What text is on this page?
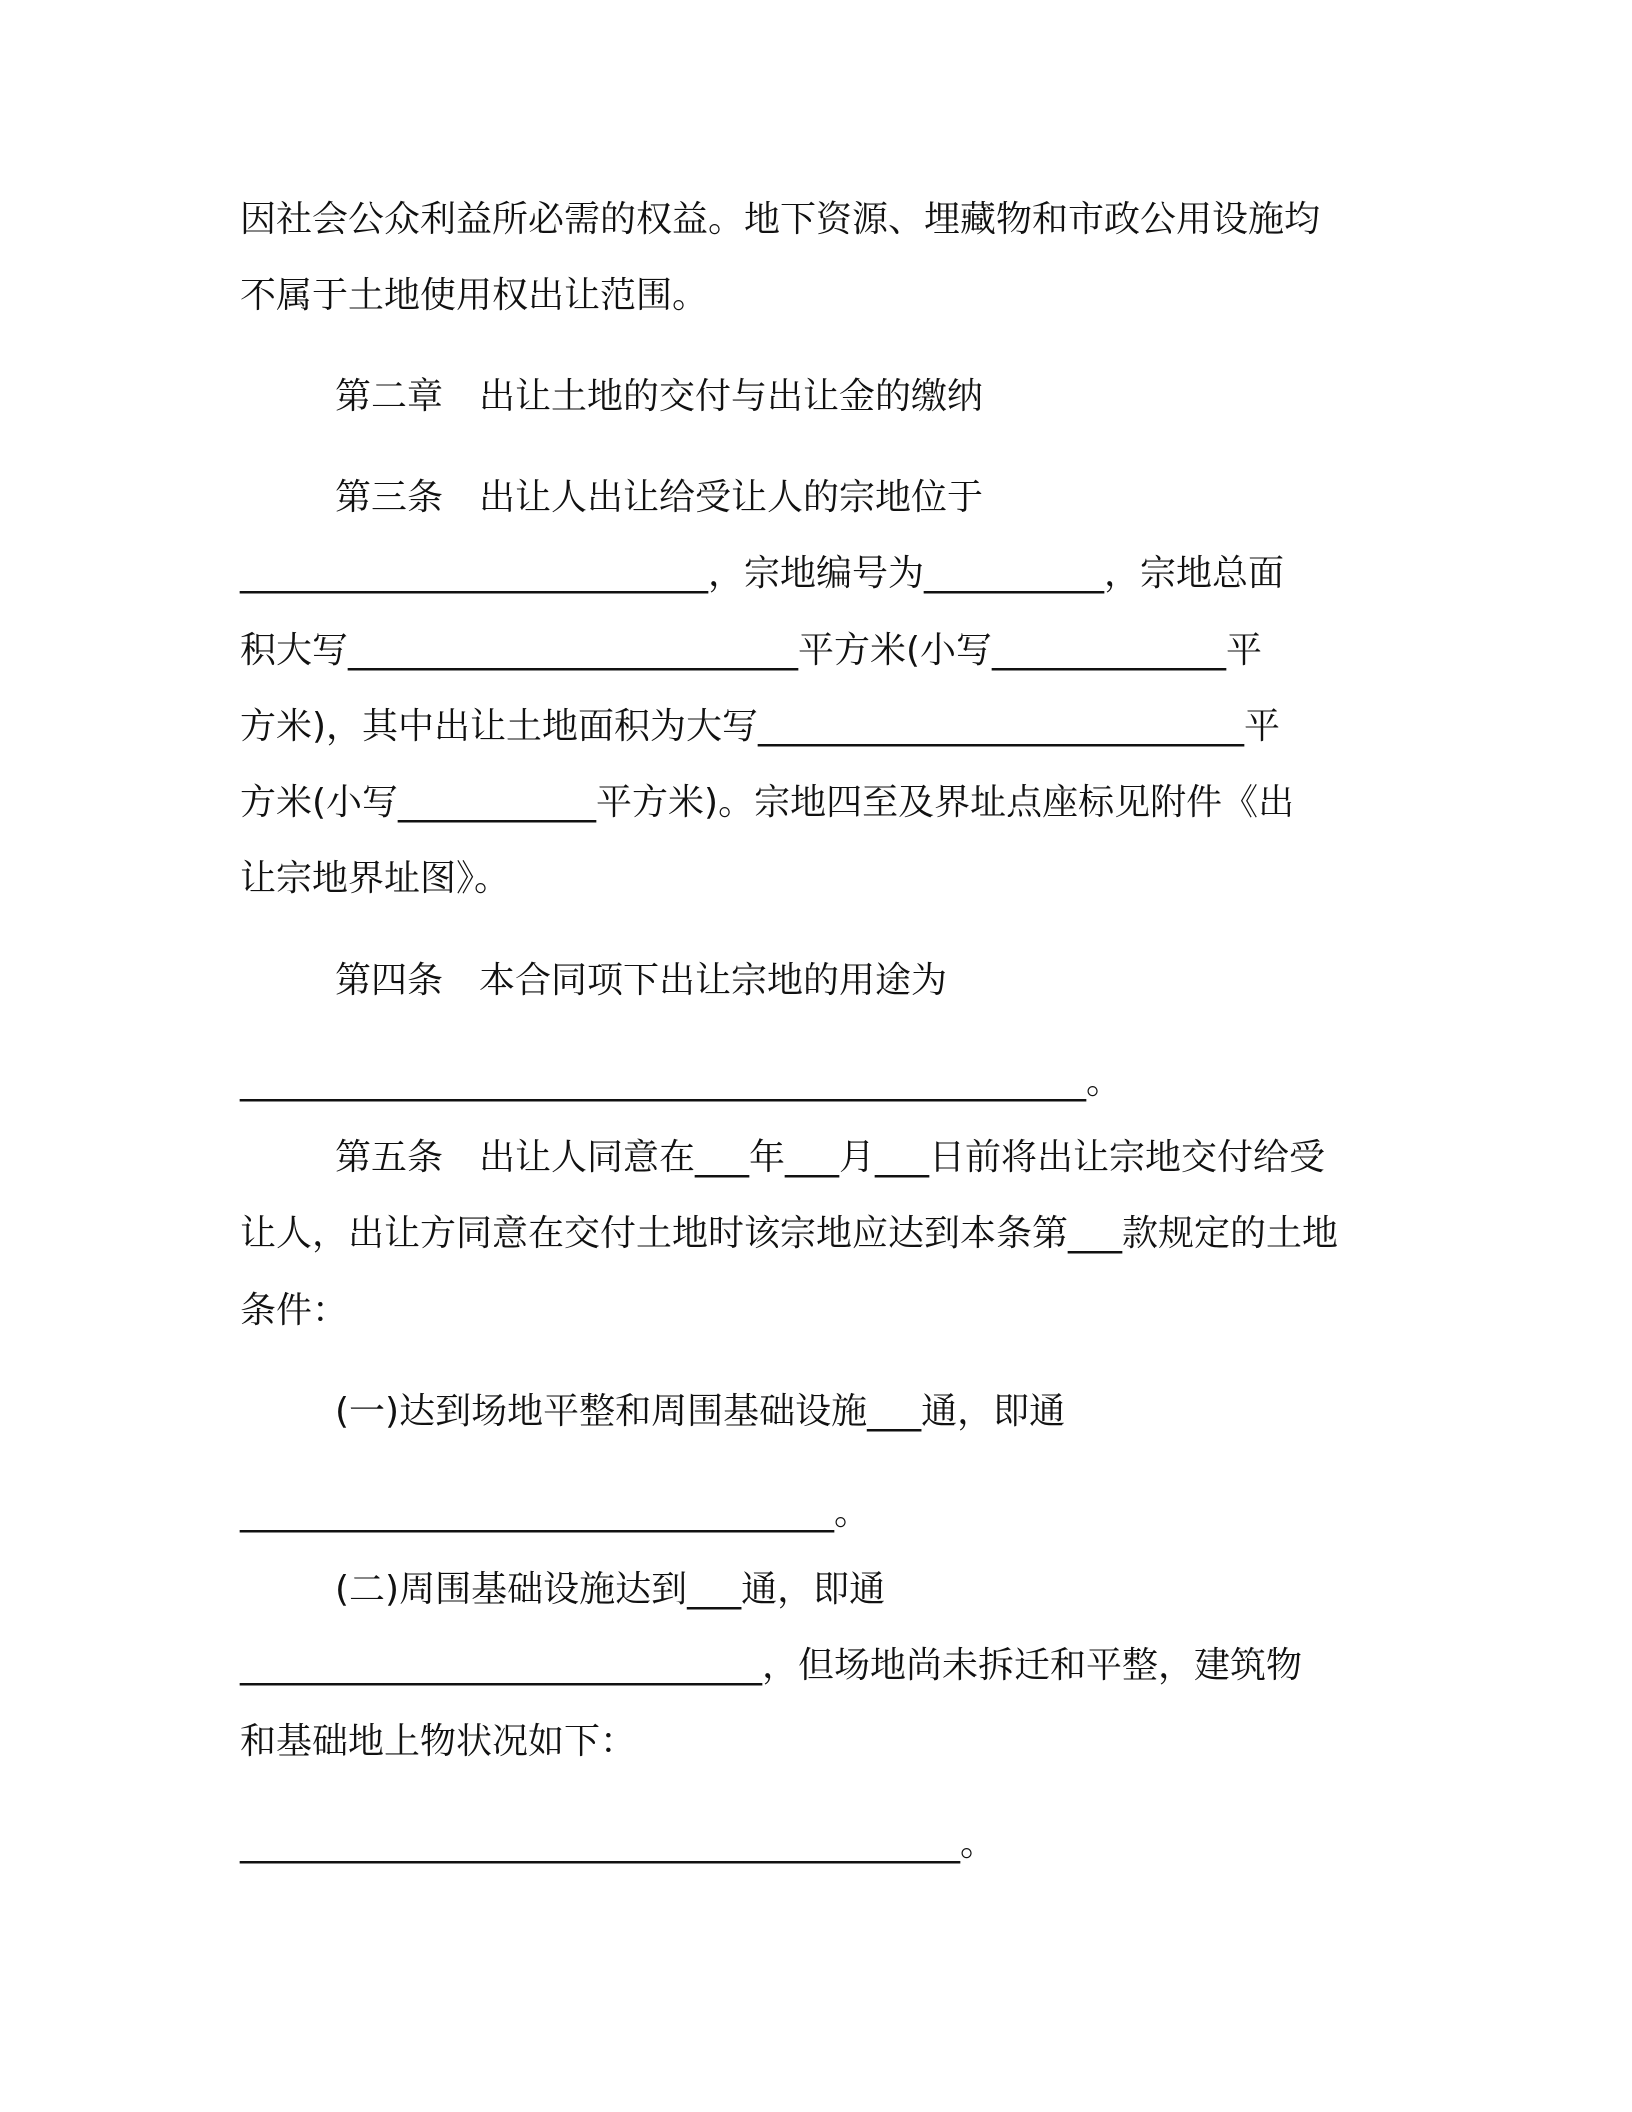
因社会公众利益所必需的权益。地下资源、埋藏物和市政公用设施均

不属于土地使用权出让范围。

第二章　出让土地的交付与出让金的缴纳

第三条　出让人出让给受让人的宗地位于

__________________________，宗地编号为__________，宗地总面

积大写_________________________平方米(小写_____________平

方米)，其中出让土地面积为大写___________________________平

方米(小写___________平方米)。宗地四至及界址点座标见附件《出

让宗地界址图》。

第四条　本合同项下出让宗地的用途为

_______________________________________________。

第五条　出让人同意在___年___月___日前将出让宗地交付给受

让人，出让方同意在交付土地时该宗地应达到本条第___款规定的土地

条件：

(一)达到场地平整和周围基础设施___通，即通

_________________________________。

(二)周围基础设施达到___通，即通

_____________________________，但场地尚未拆迁和平整，建筑物

和基础地上物状况如下：

________________________________________。
